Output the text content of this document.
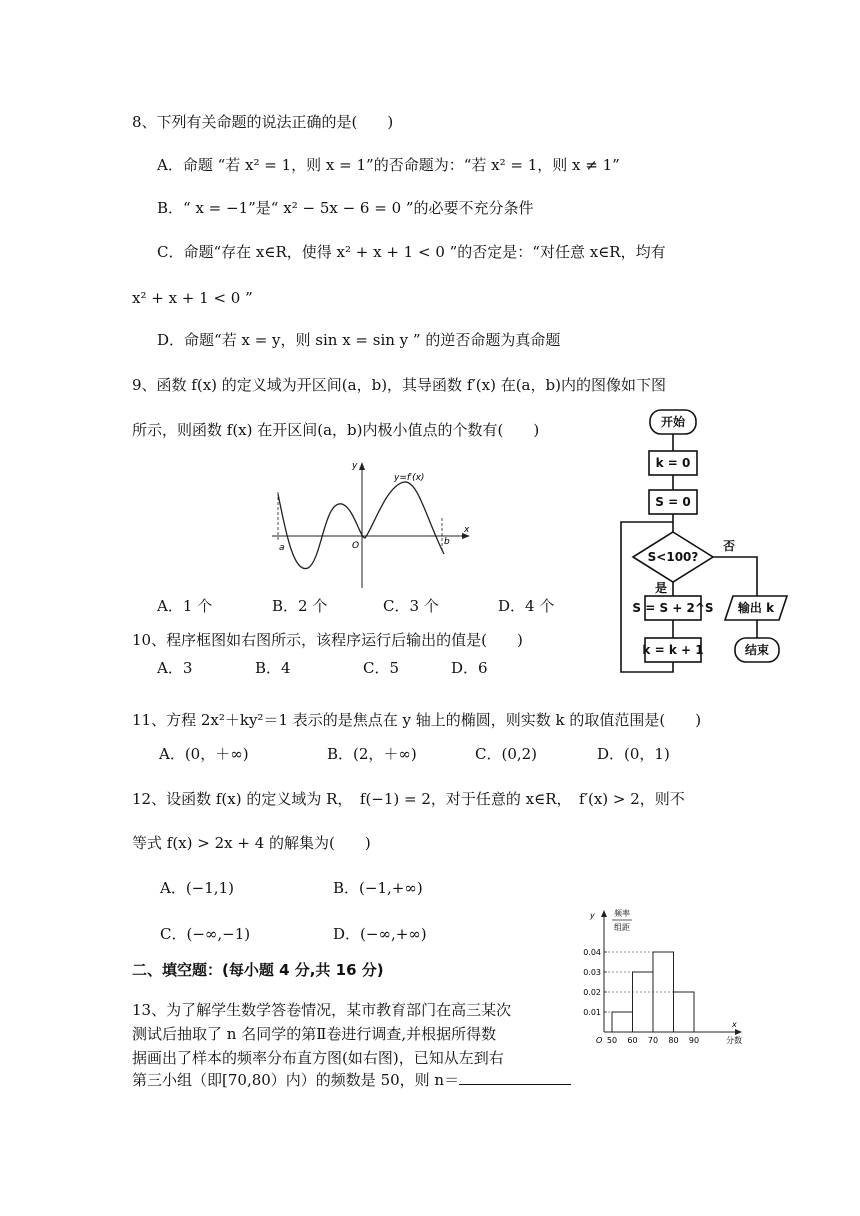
8、下列有关命题的说法正确的是(　　)
A．命题 “若 x² = 1，则 x = 1”的否命题为：“若 x² = 1，则 x ≠ 1”
B．“ x = −1”是“ x² − 5x − 6 = 0 ”的必要不充分条件
C．命题“存在 x∈R，使得 x² + x + 1 < 0 ”的否定是：“对任意 x∈R，均有
x² + x + 1 < 0 ”
D．命题“若 x = y，则 sin x = sin y ” 的逆否命题为真命题
9、函数 f(x) 的定义域为开区间(a，b)，其导函数 f′(x) 在(a，b)内的图像如下图
所示，则函数 f(x) 在开区间(a，b)内极小值点的个数有(　　)
y
x
y=f′(x)
a	O	b
A．1 个	B．2 个	C．3 个	D．4 个
开始
k = 0
S = 0
S<100?
否
是
S = S + 2^S
k = k + 1
输出 k
结束
10、程序框图如右图所示，该程序运行后输出的值是(　　)
A．3	B．4	C．5	D．6
11、方程 2x²＋ky²＝1 表示的是焦点在 y 轴上的椭圆，则实数 k 的取值范围是(　　)
A．(0，＋∞)	B．(2，＋∞)	C．(0,2)	D．(0，1)
12、设函数 f(x) 的定义域为 R，　f(−1) = 2，对于任意的 x∈R，　f′(x) > 2，则不
等式 f(x) > 2x + 4 的解集为(　　)
A．(−1,1)	B．(−1,+∞)
C．(−∞,−1)	D．(−∞,+∞)
二、填空题：(每小题 4 分,共 16 分)
13、为了解学生数学答卷情况，某市教育部门在高三某次
测试后抽取了 n 名同学的第Ⅱ卷进行调查,并根据所得数
据画出了样本的频率分布直方图(如右图)，已知从左到右
第三小组（即[70,80）内）的频数是 50，则 n＝
y 频率
组距
0.01
0.02
0.03
0.04
50 60 70 80 90
O
x
分数
